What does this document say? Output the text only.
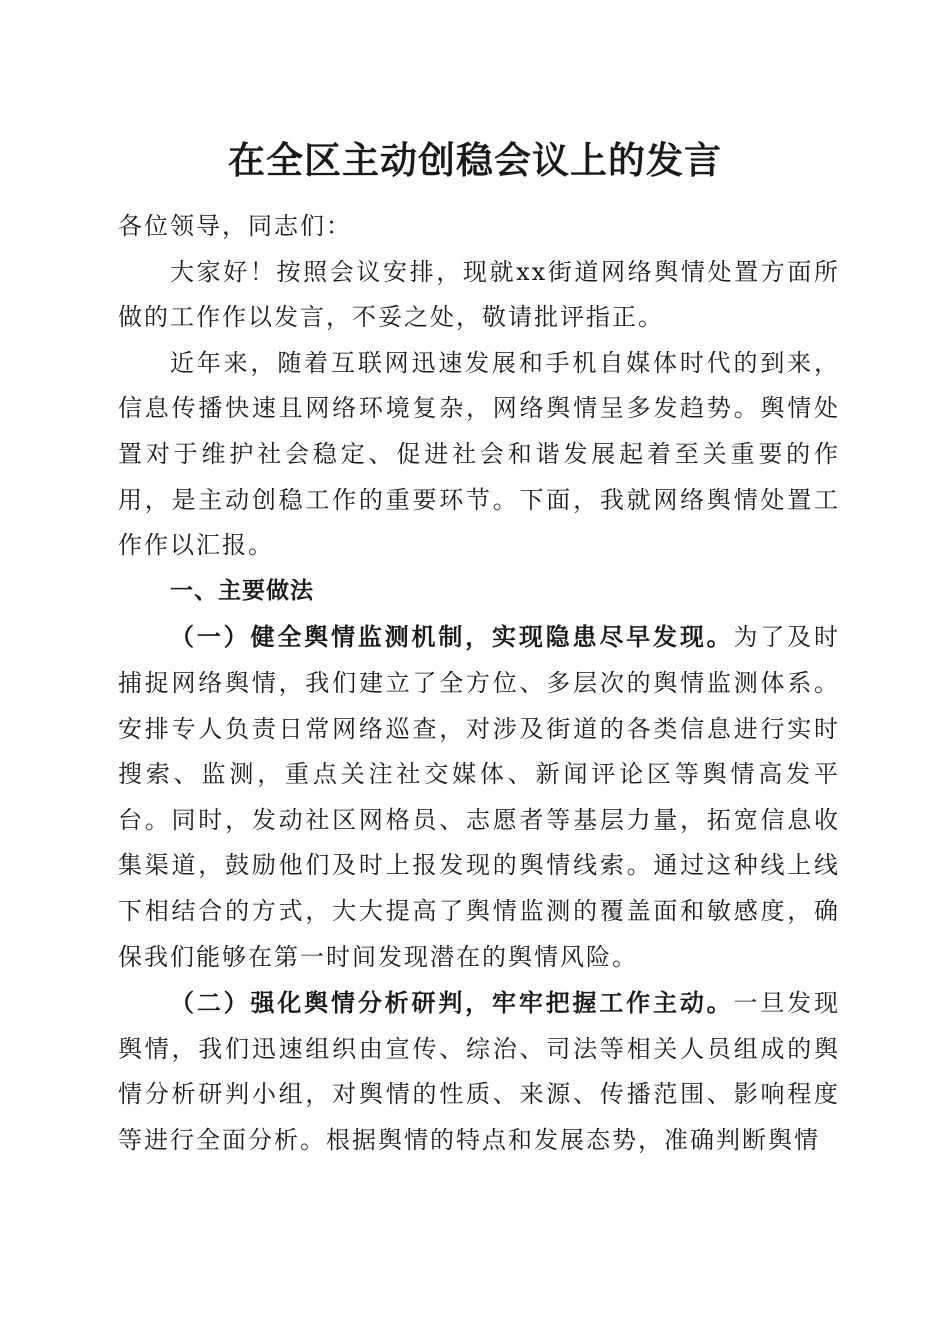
在全区主动创稳会议上的发言

各位领导，同志们：

大家好！按照会议安排，现就xx街道网络舆情处置方面所做的工作作以发言，不妥之处，敬请批评指正。

近年来，随着互联网迅速发展和手机自媒体时代的到来，信息传播快速且网络环境复杂，网络舆情呈多发趋势。舆情处置对于维护社会稳定、促进社会和谐发展起着至关重要的作用，是主动创稳工作的重要环节。下面，我就网络舆情处置工作作以汇报。

一、主要做法

（一）健全舆情监测机制，实现隐患尽早发现。为了及时捕捉网络舆情，我们建立了全方位、多层次的舆情监测体系。安排专人负责日常网络巡查，对涉及街道的各类信息进行实时搜索、监测，重点关注社交媒体、新闻评论区等舆情高发平台。同时，发动社区网格员、志愿者等基层力量，拓宽信息收集渠道，鼓励他们及时上报发现的舆情线索。通过这种线上线下相结合的方式，大大提高了舆情监测的覆盖面和敏感度，确保我们能够在第一时间发现潜在的舆情风险。

（二）强化舆情分析研判，牢牢把握工作主动。一旦发现舆情，我们迅速组织由宣传、综治、司法等相关人员组成的舆情分析研判小组，对舆情的性质、来源、传播范围、影响程度等进行全面分析。根据舆情的特点和发展态势，准确判断舆情
